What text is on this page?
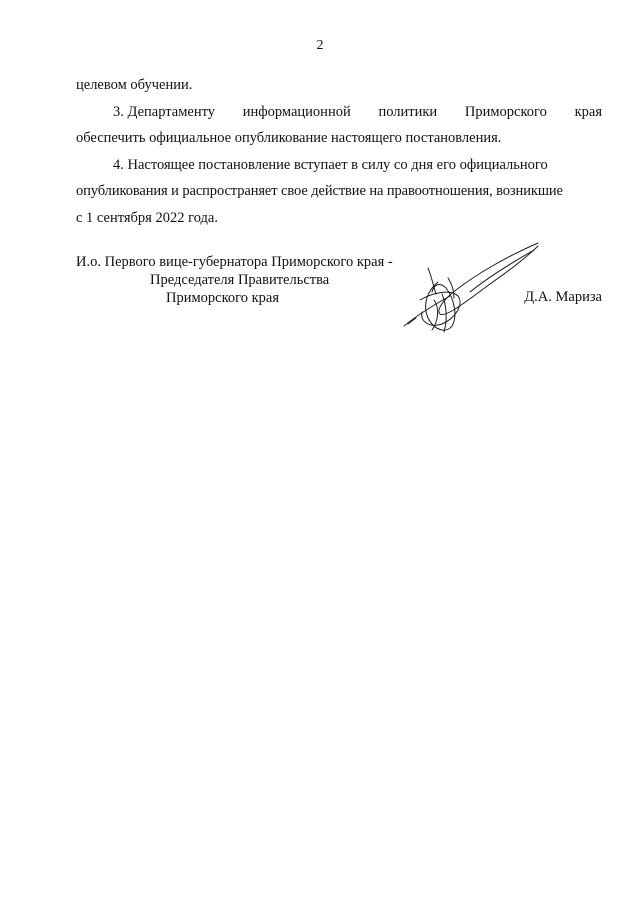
2
целевом обучении.
3. Департаменту информационной политики Приморского края
обеспечить официальное опубликование настоящего постановления.
4. Настоящее постановление вступает в силу со дня его официального
опубликования и распространяет свое действие на правоотношения, возникшие
с 1 сентября 2022 года.
И.о. Первого вице-губернатора Приморского края -
Председателя Правительства
Приморского края	Д.А. Мариза
